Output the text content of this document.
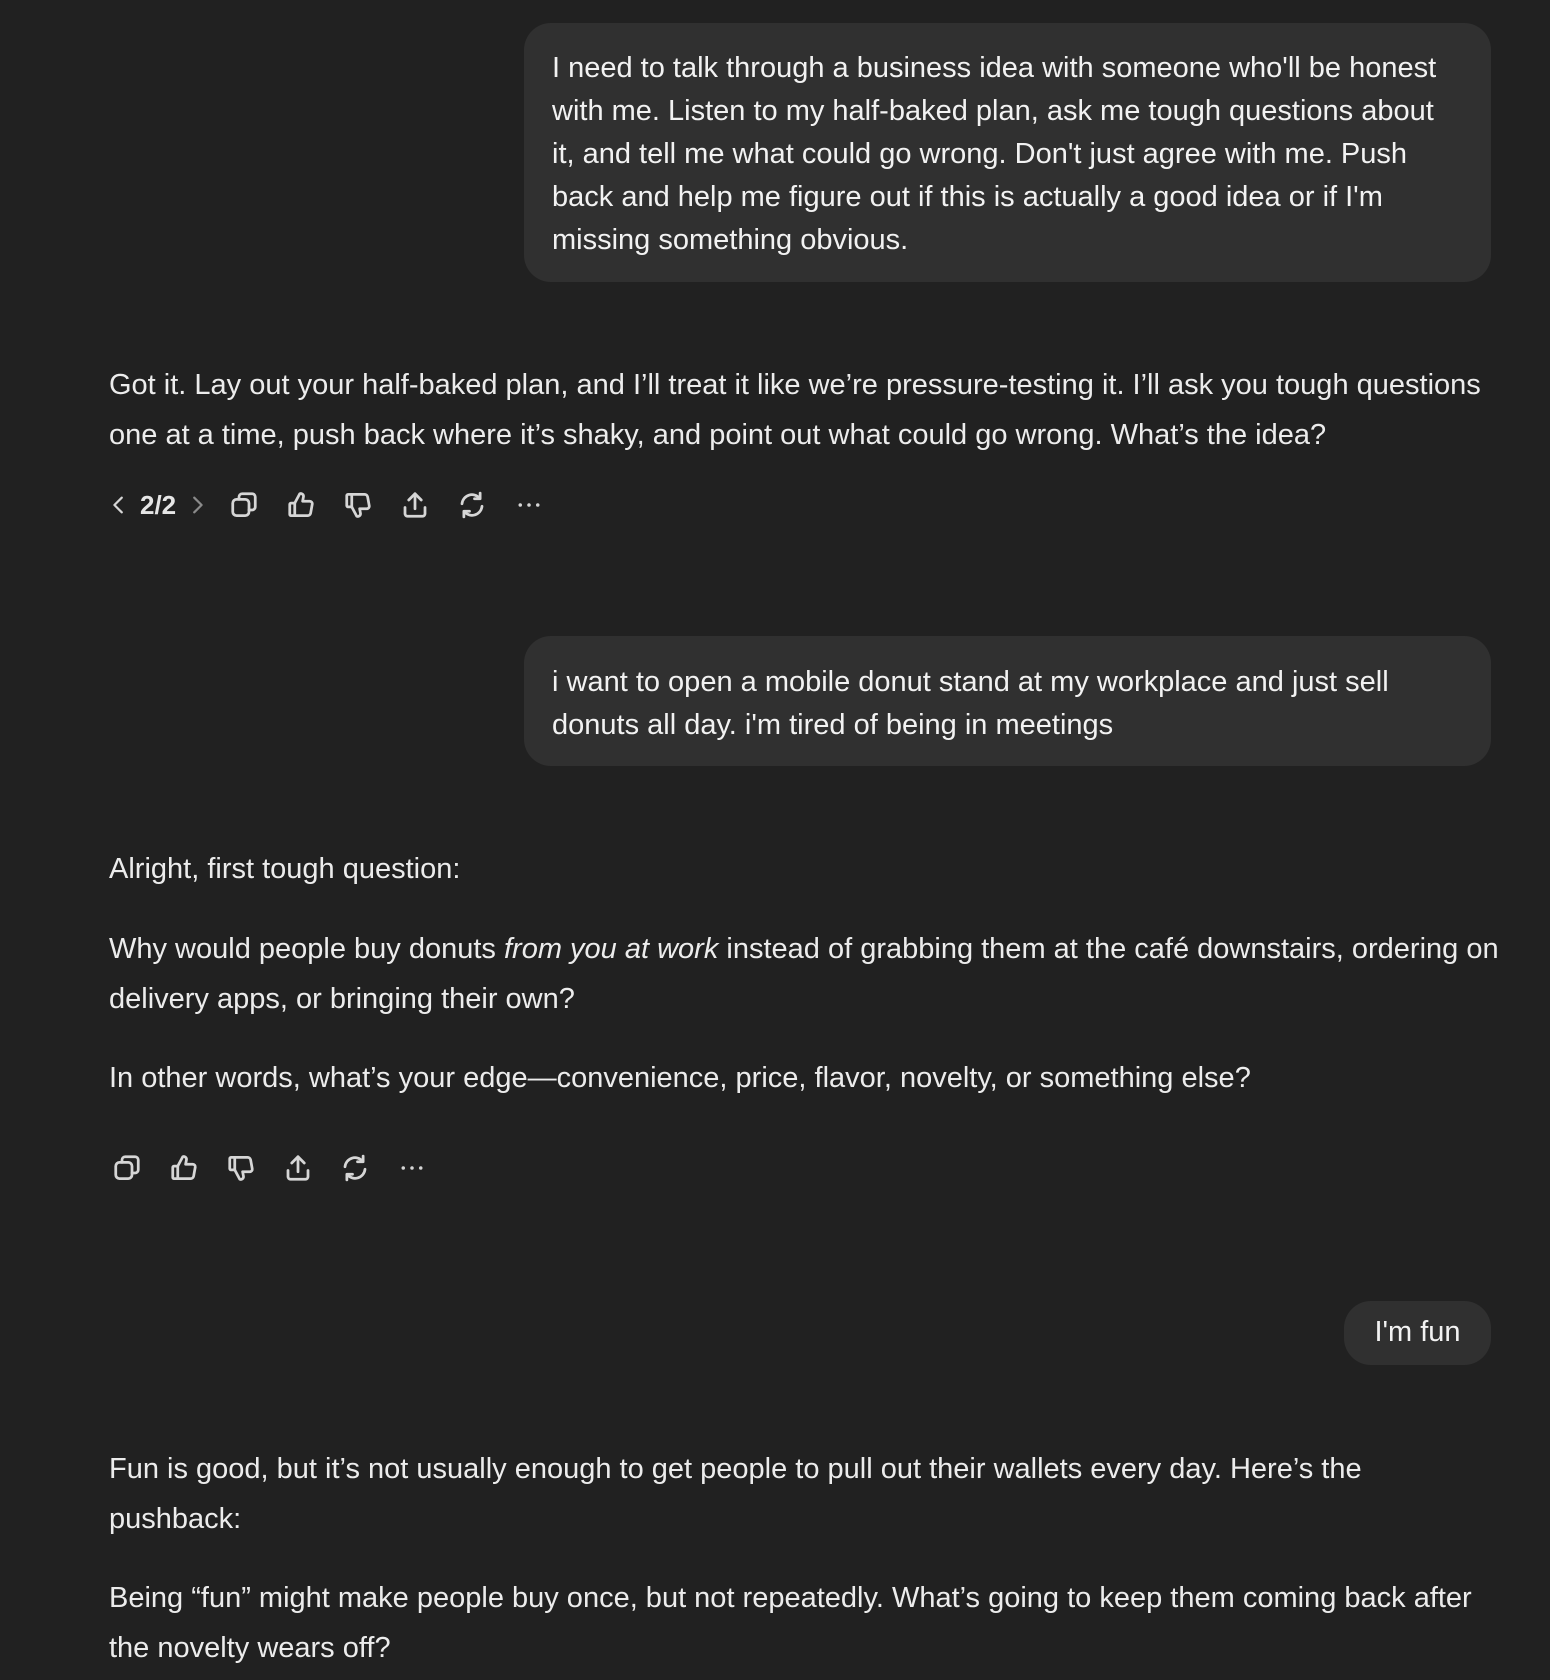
I need to talk through a business idea with someone who'll be honest with me. Listen to my half-baked plan, ask me tough questions about it, and tell me what could go wrong. Don't just agree with me. Push back and help me figure out if this is actually a good idea or if I'm missing something obvious.

Got it. Lay out your half-baked plan, and I’ll treat it like we’re pressure-testing it. I’ll ask you tough questions one at a time, push back where it’s shaky, and point out what could go wrong. What’s the idea?

2/2
i want to open a mobile donut stand at my workplace and just sell donuts all day. i'm tired of being in meetings

Alright, first tough question:

Why would people buy donuts from you at work instead of grabbing them at the café downstairs, ordering on delivery apps, or bringing their own?

In other words, what’s your edge—convenience, price, flavor, novelty, or something else?

I'm fun

Fun is good, but it’s not usually enough to get people to pull out their wallets every day. Here’s the pushback:

Being “fun” might make people buy once, but not repeatedly. What’s going to keep them coming back after the novelty wears off?
